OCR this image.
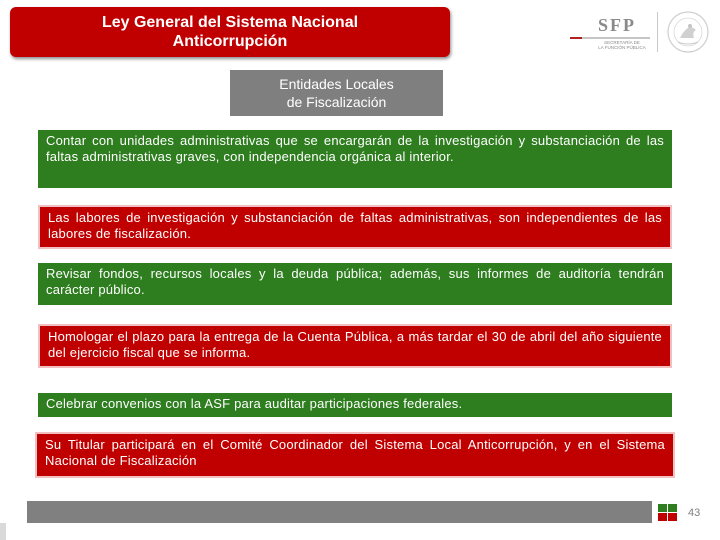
Ley General del Sistema Nacional
Anticorrupción
SFP
SECRETARÍA DE
LA FUNCIÓN PÚBLICA
Entidades Locales
de Fiscalización
Contar con unidades administrativas que se encargarán de la investigación y substanciación de las faltas administrativas graves, con independencia orgánica al interior.
Las labores de investigación y substanciación de faltas administrativas, son independientes de las labores de fiscalización.
Revisar fondos, recursos locales y la deuda pública; además, sus informes de auditoría tendrán carácter público.
Homologar el plazo para la entrega de la Cuenta Pública, a más tardar el 30 de abril del año siguiente del ejercicio fiscal que se informa.
Celebrar convenios con la ASF para auditar participaciones federales.
Su Titular participará en el Comité Coordinador del Sistema Local Anticorrupción, y en el Sistema Nacional de Fiscalización
43
